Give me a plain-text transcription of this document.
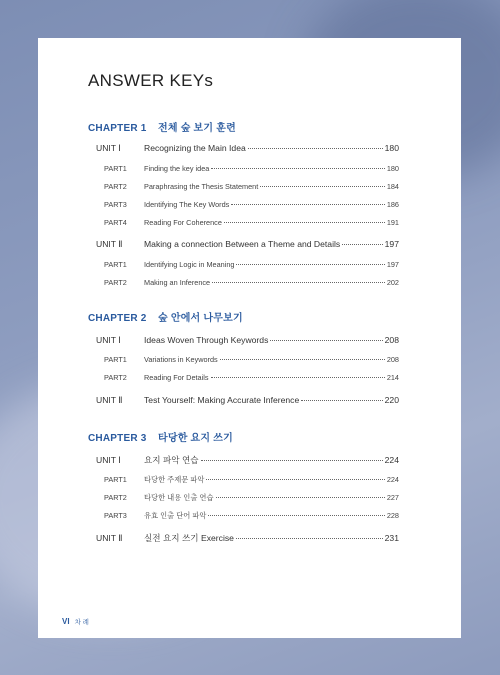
ANSWER KEYs
CHAPTER 1 전체 숲 보기 훈련
UNIT Ⅰ	Recognizing the Main Idea	180
PART1	Finding the key idea	180
PART2	Paraphrasing the Thesis Statement	184
PART3	Identifying The Key Words	186
PART4	Reading For Coherence	191
UNIT Ⅱ	Making a connection Between a Theme and Details	197
PART1	Identifying Logic in Meaning	197
PART2	Making an Inference	202
CHAPTER 2 숲 안에서 나무보기
UNIT Ⅰ	Ideas Woven Through Keywords	208
PART1	Variations in Keywords	208
PART2	Reading For Details	214
UNIT Ⅱ	Test Yourself: Making Accurate Inference	220
CHAPTER 3 타당한 요지 쓰기
UNIT Ⅰ	요지 파악 연습	224
PART1	타당한 주제문 파악	224
PART2	타당한 내용 인출 연습	227
PART3	유효 인출 단어 파악	228
UNIT Ⅱ	실전 요지 쓰기 Exercise	231
VI 차 례
